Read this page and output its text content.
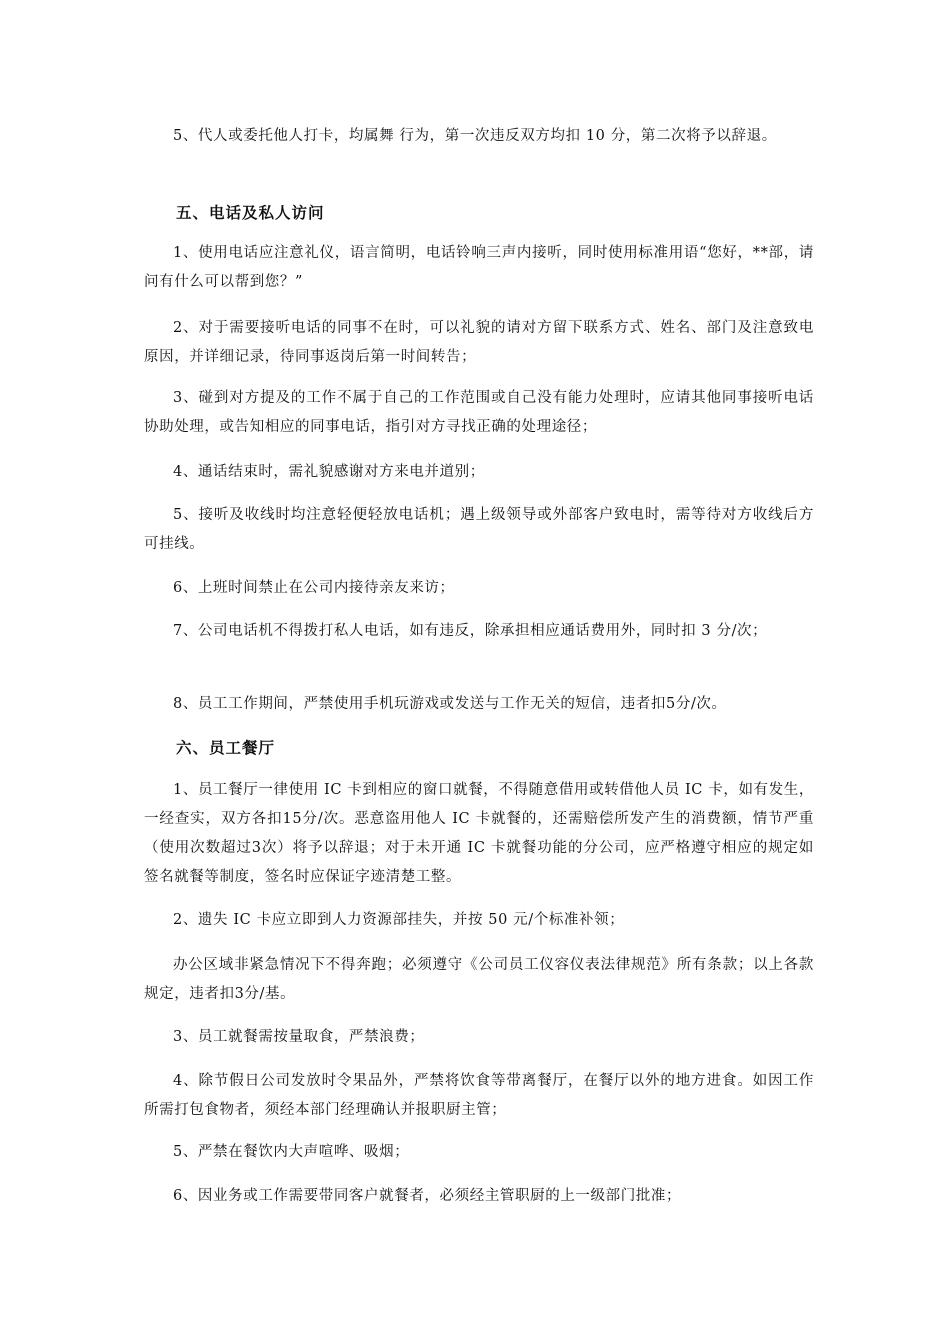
5、代人或委托他人打卡，均属舞 行为，第一次违反双方均扣 10 分，第二次将予以辞退。

五、电话及私人访问

1、使用电话应注意礼仪，语言简明，电话铃响三声内接听，同时使用标准用语“您好，**部，请问有什么可以帮到您？”

2、对于需要接听电话的同事不在时，可以礼貌的请对方留下联系方式、姓名、部门及注意致电原因，并详细记录，待同事返岗后第一时间转告；

3、碰到对方提及的工作不属于自己的工作范围或自己没有能力处理时，应请其他同事接听电话协助处理，或告知相应的同事电话，指引对方寻找正确的处理途径；

4、通话结束时，需礼貌感谢对方来电并道别；

5、接听及收线时均注意轻便轻放电话机；遇上级领导或外部客户致电时，需等待对方收线后方可挂线。

6、上班时间禁止在公司内接待亲友来访；

7、公司电话机不得拨打私人电话，如有违反，除承担相应通话费用外，同时扣 3 分/次；

8、员工工作期间，严禁使用手机玩游戏或发送与工作无关的短信，违者扣5分/次。

六、员工餐厅

1、员工餐厅一律使用 IC 卡到相应的窗口就餐，不得随意借用或转借他人员 IC 卡，如有发生，一经查实，双方各扣15分/次。恶意盗用他人 IC 卡就餐的，还需赔偿所发产生的消费额，情节严重（使用次数超过3次）将予以辞退；对于未开通 IC 卡就餐功能的分公司，应严格遵守相应的规定如签名就餐等制度，签名时应保证字迹清楚工整。

2、遗失 IC 卡应立即到人力资源部挂失，并按 50 元/个标准补领；

办公区域非紧急情况下不得奔跑；必须遵守《公司员工仪容仪表法律规范》所有条款；以上各款规定，违者扣3分/基。

3、员工就餐需按量取食，严禁浪费；

4、除节假日公司发放时令果品外，严禁将饮食等带离餐厅，在餐厅以外的地方进食。如因工作所需打包食物者，须经本部门经理确认并报职厨主管；

5、严禁在餐饮内大声喧哗、吸烟；

6、因业务或工作需要带同客户就餐者，必须经主管职厨的上一级部门批准；
